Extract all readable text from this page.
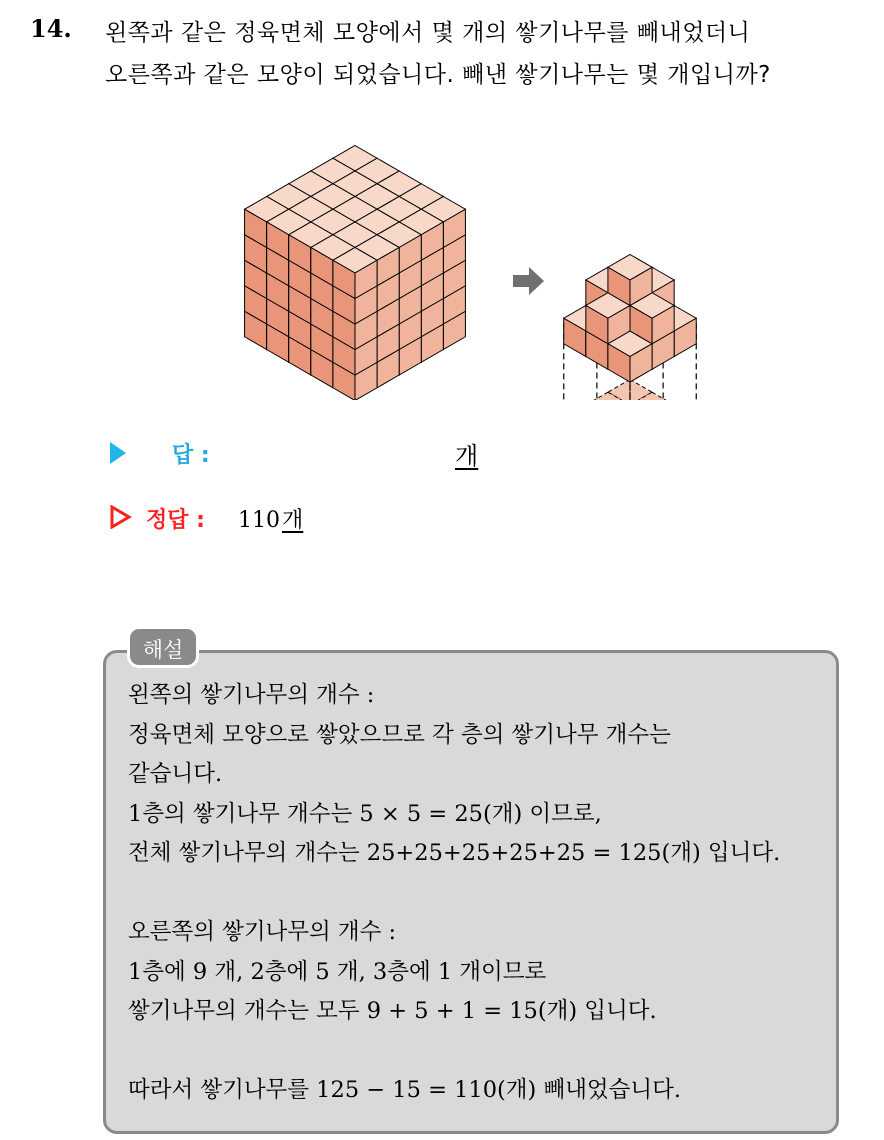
14. 왼쪽과 같은 정육면체 모양에서 몇 개의 쌓기나무를 빼내었더니
오른쪽과 같은 모양이 되었습니다. 빼낸 쌓기나무는 몇 개입니까?
답 :	개
정답 : 110개
해설
왼쪽의 쌓기나무의 개수 :
정육면체 모양으로 쌓았으므로 각 층의 쌓기나무 개수는
같습니다.
1층의 쌓기나무 개수는 5 × 5 = 25(개) 이므로,
전체 쌓기나무의 개수는 25+25+25+25+25 = 125(개) 입니다.
오른쪽의 쌓기나무의 개수 :
1층에 9 개, 2층에 5 개, 3층에 1 개이므로
쌓기나무의 개수는 모두 9 + 5 + 1 = 15(개) 입니다.
따라서 쌓기나무를 125 − 15 = 110(개) 빼내었습니다.
